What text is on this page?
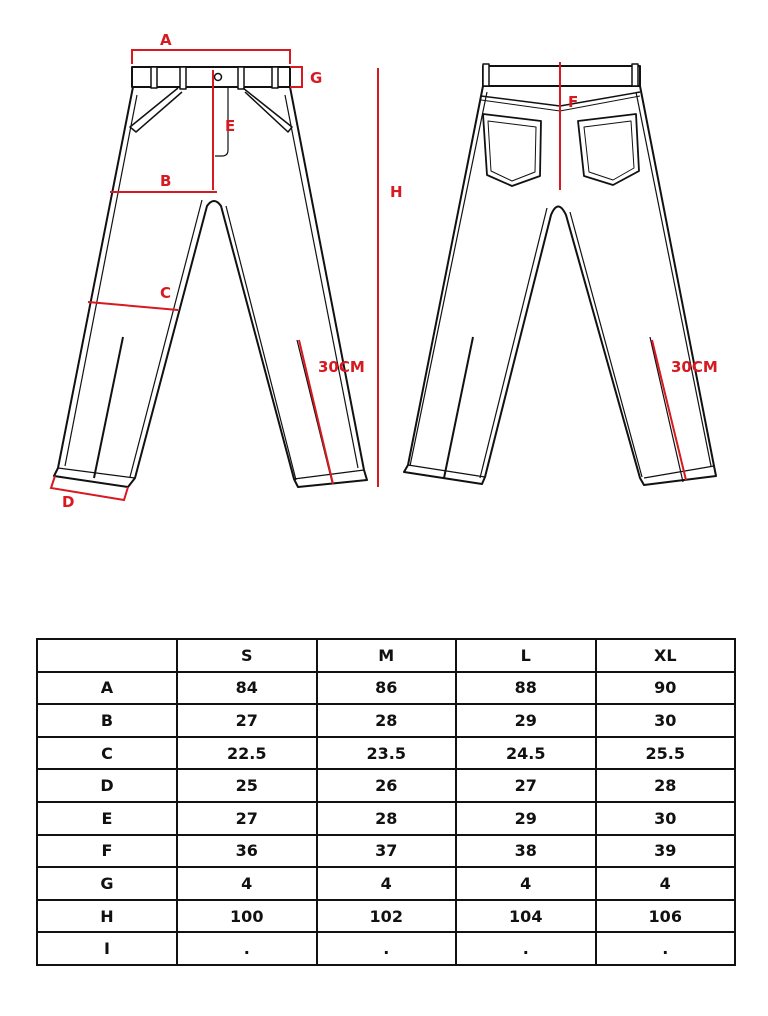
A
G
E
B
C
D
H
30CM
F
30CM
	S	M	L	XL
A	84	86	88	90
B	27	28	29	30
C	22.5	23.5	24.5	25.5
D	25	26	27	28
E	27	28	29	30
F	36	37	38	39
G	4	4	4	4
H	100	102	104	106
I	.	.	.	.
